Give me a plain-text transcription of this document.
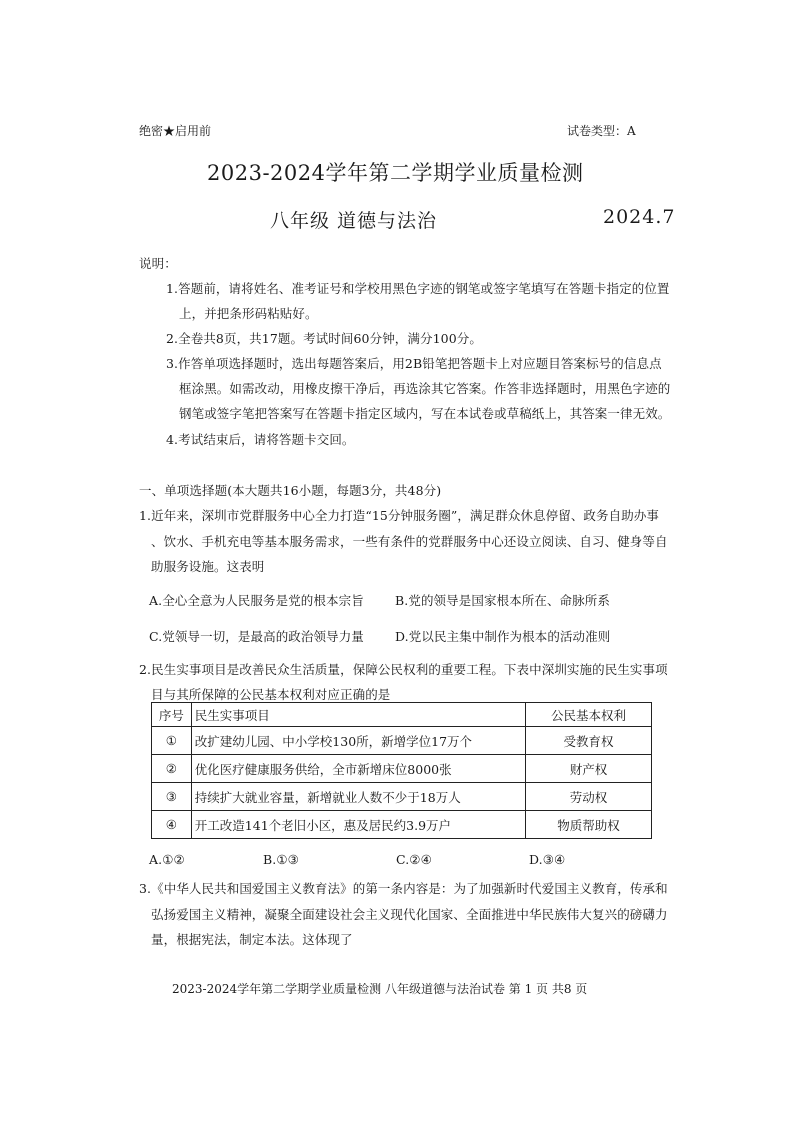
绝密★启用前	试卷类型：A
2023-2024学年第二学期学业质量检测
八年级 道德与法治	2024.7
说明：
1.答题前，请将姓名、准考证号和学校用黑色字迹的钢笔或签字笔填写在答题卡指定的位置
上，并把条形码粘贴好。
2.全卷共8页，共17题。考试时间60分钟，满分100分。
3.作答单项选择题时，选出每题答案后，用2B铅笔把答题卡上对应题目答案标号的信息点
框涂黑。如需改动，用橡皮擦干净后，再选涂其它答案。作答非选择题时，用黑色字迹的
钢笔或签字笔把答案写在答题卡指定区域内，写在本试卷或草稿纸上，其答案一律无效。
4.考试结束后，请将答题卡交回。
一、单项选择题(本大题共16小题，每题3分，共48分)
1.近年来，深圳市党群服务中心全力打造“15分钟服务圈”，满足群众休息停留、政务自助办事
、饮水、手机充电等基本服务需求，一些有条件的党群服务中心还设立阅读、自习、健身等自
助服务设施。这表明
A.全心全意为人民服务是党的根本宗旨 B.党的领导是国家根本所在、命脉所系
C.党领导一切，是最高的政治领导力量 D.党以民主集中制作为根本的活动准则
2.民生实事项目是改善民众生活质量，保障公民权利的重要工程。下表中深圳实施的民生实事项
目与其所保障的公民基本权利对应正确的是
序号	民生实事项目	公民基本权利
①	改扩建幼儿园、中小学校130所，新增学位17万个	受教育权
②	优化医疗健康服务供给，全市新增床位8000张	财产权
③	持续扩大就业容量，新增就业人数不少于18万人	劳动权
④	开工改造141个老旧小区，惠及居民约3.9万户	物质帮助权
A.①②	B.①③	C.②④	D.③④
3.《中华人民共和国爱国主义教育法》的第一条内容是：为了加强新时代爱国主义教育，传承和
弘扬爱国主义精神，凝聚全面建设社会主义现代化国家、全面推进中华民族伟大复兴的磅礴力
量，根据宪法，制定本法。这体现了
2023-2024学年第二学期学业质量检测 八年级道德与法治试卷 第 1 页 共8 页
